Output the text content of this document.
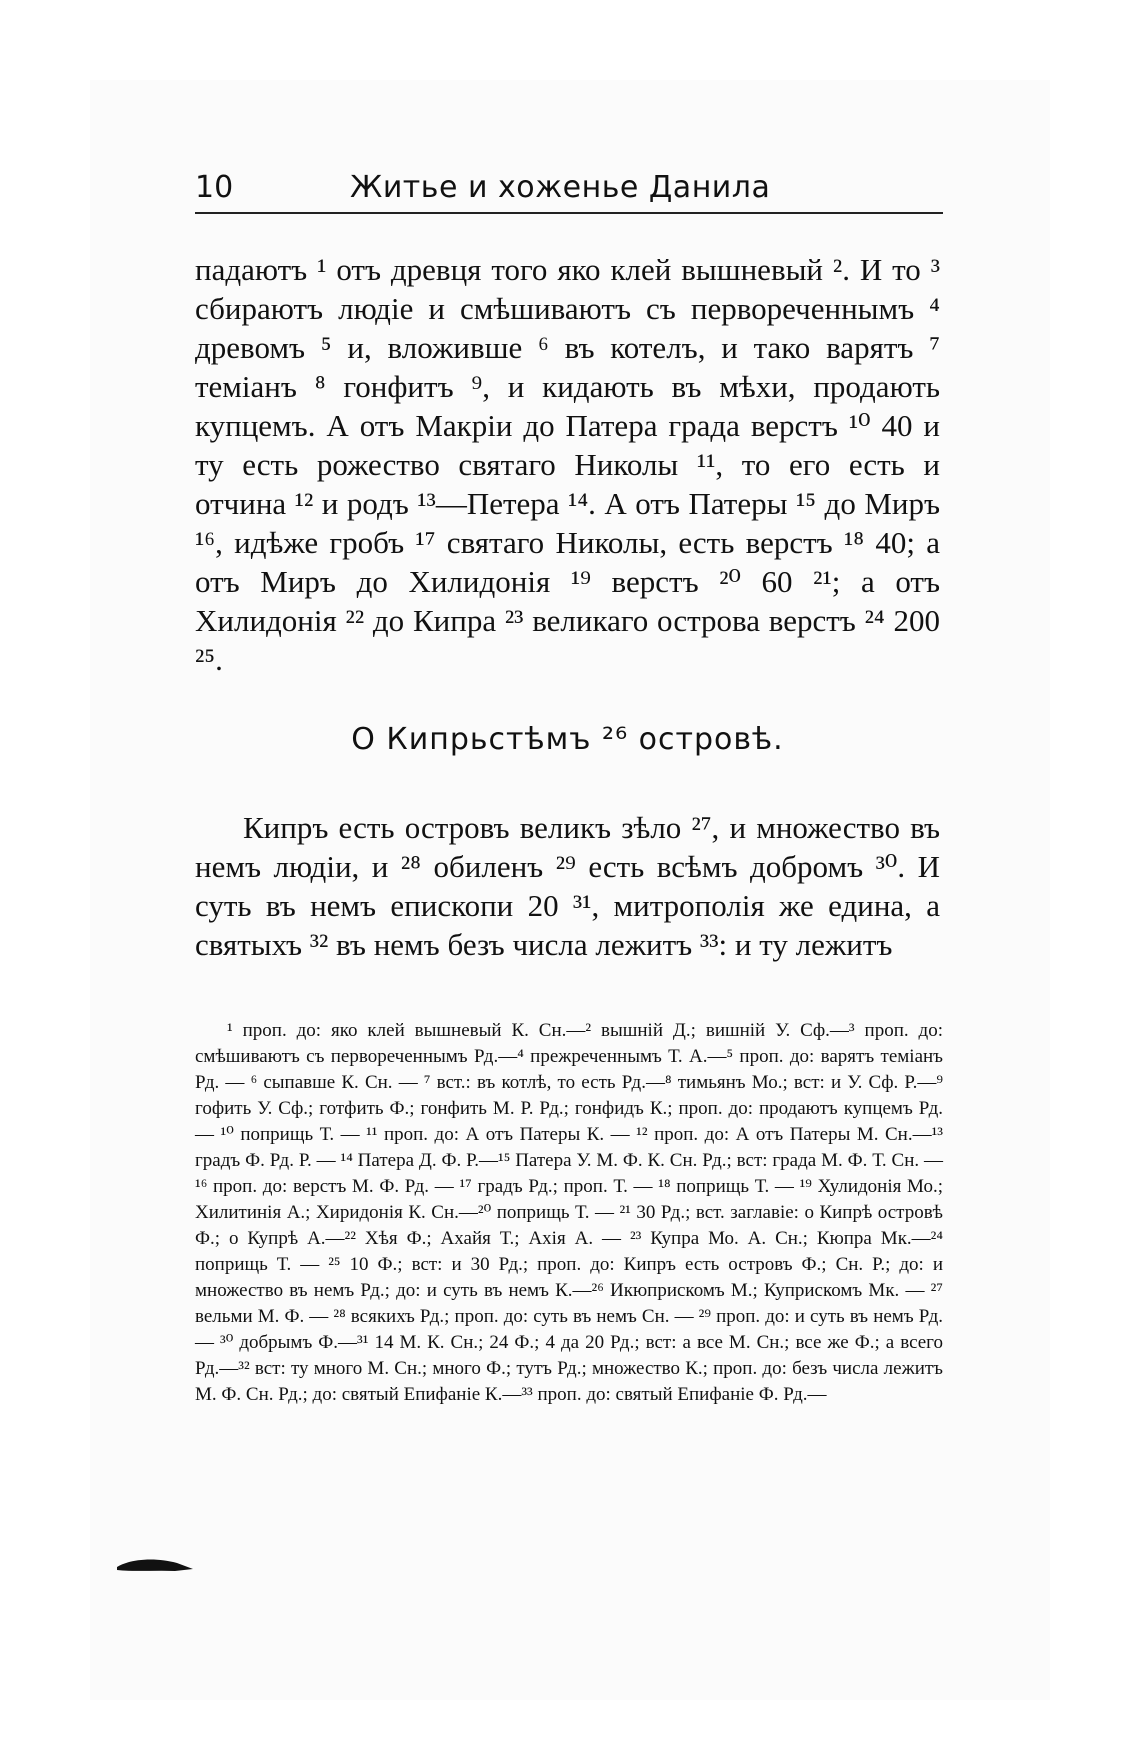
10	Житье и хоженье Данила

падаютъ ¹ отъ древця того яко клей вышневый ². И то ³ сбираютъ людіе и смѣшиваютъ съ первореченнымъ ⁴ древомъ ⁵ и, вложивше ⁶ въ котелъ, и тако варятъ ⁷ теміанъ ⁸ гонфитъ ⁹, и кидають въ мѣхи, продають купцемъ. А отъ Макріи до Патера града верстъ ¹⁰ 40 и ту есть рожество святаго Николы ¹¹, то его есть и отчина ¹² и родъ ¹³—Петера ¹⁴. А отъ Патеры ¹⁵ до Миръ ¹⁶, идѣже гробъ ¹⁷ святаго Николы, есть верстъ ¹⁸ 40; а отъ Миръ до Хилидонія ¹⁹ верстъ ²⁰ 60 ²¹; а отъ Хилидонія ²² до Кипра ²³ великаго острова верстъ ²⁴ 200 ²⁵.

О Кипрьстѣмъ ²⁶ островѣ.

Кипръ есть островъ великъ зѣло ²⁷, и множество въ немъ людіи, и ²⁸ обиленъ ²⁹ есть всѣмъ добромъ ³⁰. И суть въ немъ епископи 20 ³¹, митрополія же едина, а святыхъ ³² въ немъ безъ числа лежитъ ³³: и ту лежитъ

¹ проп. до: яко клей вышневый К. Сн.—² вышній Д.; вишній У. Сф.—³ проп. до: смѣшиваютъ съ первореченнымъ Рд.—⁴ прежреченнымъ Т. А.—⁵ проп. до: варятъ теміанъ Рд. — ⁶ сыпавше К. Сн. — ⁷ вст.: въ котлѣ, то есть Рд.—⁸ тимьянъ Мо.; вст: и У. Сф. Р.—⁹ гофить У. Сф.; готфить Ф.; гонфить М. Р. Рд.; гонфидъ К.; проп. до: продаютъ купцемъ Рд. — ¹⁰ поприщь Т. — ¹¹ проп. до: А отъ Патеры К. — ¹² проп. до: А отъ Патеры М. Сн.—¹³ градъ Ф. Рд. Р. — ¹⁴ Патера Д. Ф. Р.—¹⁵ Патера У. М. Ф. К. Сн. Рд.; вст: града М. Ф. Т. Сн. — ¹⁶ проп. до: верстъ М. Ф. Рд. — ¹⁷ градъ Рд.; проп. Т. — ¹⁸ поприщь Т. — ¹⁹ Хулидонія Мо.; Хилитинія А.; Хиридонія К. Сн.—²⁰ поприщь Т. — ²¹ 30 Рд.; вст. заглавіе: о Кипрѣ островѣ Ф.; о Купрѣ А.—²² Хѣя Ф.; Ахайя Т.; Ахія А. — ²³ Купра Мо. А. Сн.; Кюпра Мк.—²⁴ поприщь Т. — ²⁵ 10 Ф.; вст: и 30 Рд.; проп. до: Кипръ есть островъ Ф.; Сн. Р.; до: и множество въ немъ Рд.; до: и суть въ немъ К.—²⁶ Икюприскомъ М.; Куприскомъ Мк. — ²⁷ вельми М. Ф. — ²⁸ всякихъ Рд.; проп. до: суть въ немъ Сн. — ²⁹ проп. до: и суть въ немъ Рд. — ³⁰ добрымъ Ф.—³¹ 14 М. К. Сн.; 24 Ф.; 4 да 20 Рд.; вст: а все М. Сн.; все же Ф.; а всего Рд.—³² вст: ту много М. Сн.; много Ф.; тутъ Рд.; множество К.; проп. до: безъ числа лежитъ М. Ф. Сн. Рд.; до: святый Епифаніе К.—³³ проп. до: святый Епифаніе Ф. Рд.—
